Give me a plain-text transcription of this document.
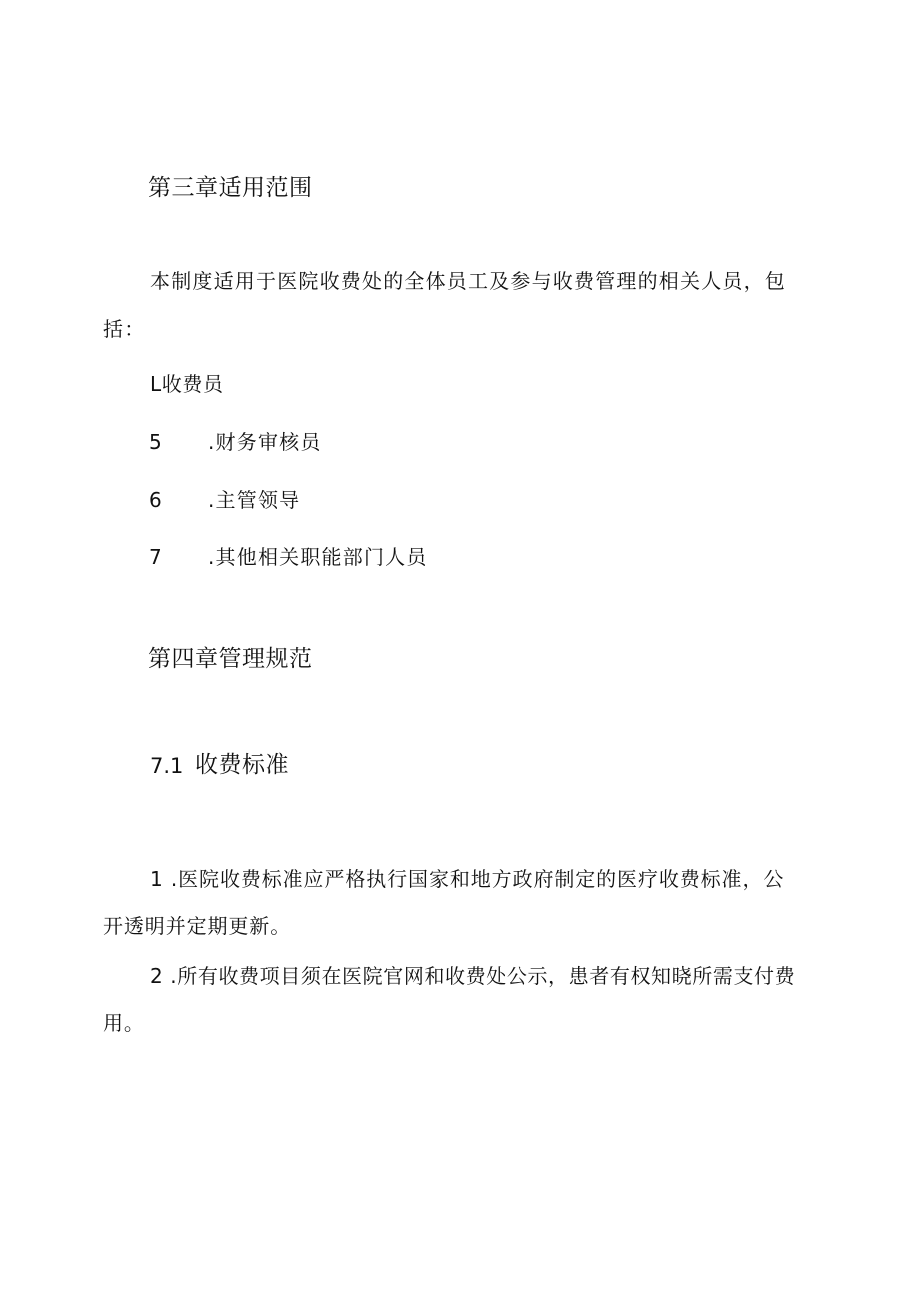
第三章适用范围
本制度适用于医院收费处的全体员工及参与收费管理的相关人员，包
括：
L收费员
5 .财务审核员
6 .主管领导
7 .其他相关职能部门人员
第四章管理规范
7.1 收费标准
1 .医院收费标准应严格执行国家和地方政府制定的医疗收费标准，公
开透明并定期更新。
2 .所有收费项目须在医院官网和收费处公示，患者有权知晓所需支付费
用。
